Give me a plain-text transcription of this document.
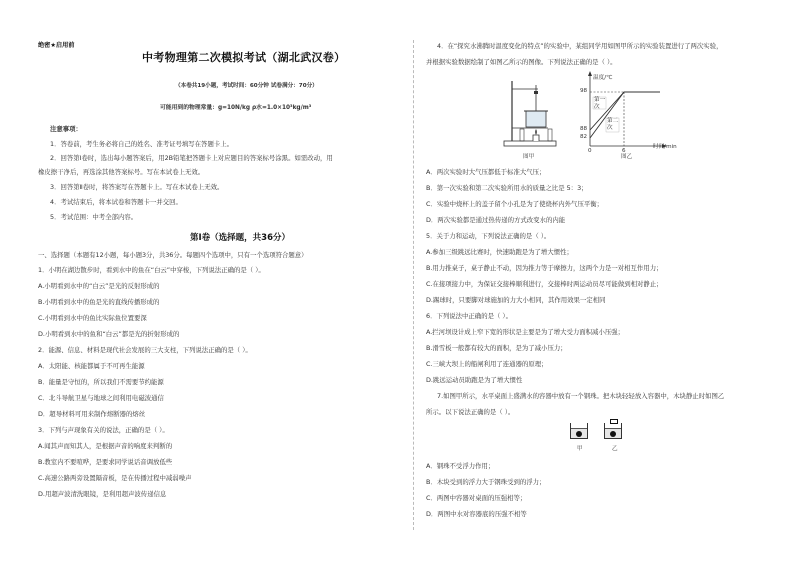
绝密★启用前
中考物理第二次模拟考试（湖北武汉卷）
（本卷共19小题，考试时间：60分钟 试卷满分：70分）
可能用到的物理常量：g=10N/kg ρ水=1.0×10³kg/m³
注意事项：
1．答卷前，考生务必将自己的姓名、准考证号填写在答题卡上。
2．回答第Ⅰ卷时，选出每小题答案后，用2B铅笔把答题卡上对应题目的答案标号涂黑。如需改动，用
橡皮擦干净后，再选涂其他答案标号。写在本试卷上无效。
3．回答第Ⅱ卷时，将答案写在答题卡上。写在本试卷上无效。
4．考试结束后，将本试卷和答题卡一并交回。
5．考试范围：中考全部内容。
第Ⅰ卷（选择题，共36分）
一、选择题（本题有12小题，每小题3分，共36分。每题四个选项中，只有一个选项符合题意）
1．小明在湖边散步时，看到水中的鱼在“白云”中穿梭，下列说法正确的是（ ）。
A.小明看到水中的“白云”是光的反射形成的
B.小明看到水中的鱼是光的直线传播形成的
C.小明看到水中的鱼比实际鱼位置要深
D.小明看到水中的鱼和“白云”都是光的折射形成的
2．能源、信息、材料是现代社会发展的三大支柱，下列说法正确的是（ ）。
A．太阳能、核能都属于不可再生能源
B．能量是守恒的，所以我们不需要节约能源
C．北斗导航卫星与地球之间利用电磁波通信
D．超导材料可用来制作熔断器的熔丝
3．下列与声现象有关的说法，正确的是（ ）。
A.闻其声而知其人，是根据声音的响度来判断的
B.教室内不要喧哗，是要求同学说话音调放低些
C.高速公路两旁设置隔音板，是在传播过程中减弱噪声
D.用超声波清洗眼镜，是利用超声波传递信息
4．在“探究水沸腾时温度变化的特点”的实验中，某组同学用如图甲所示的实验装置进行了两次实验，
并根据实验数据绘制了如图乙所示的图像。下列说法正确的是（ ）。
图甲
温度/℃
98
88
82
0	6
时间/min
第一次
第二次
图乙
A．两次实验时大气压都低于标准大气压；
B．第一次实验和第二次实验所用水的质量之比是 5：3；
C．实验中烧杯上的盖子留个小孔是为了使烧杯内外气压平衡；
D．两次实验都是通过热传递的方式改变水的内能
5．关于力和运动，下列说法正确的是（ ）。
A.参加三级跳远比赛时，快速助跑是为了增大惯性；
B.用力推桌子，桌子静止不动，因为推力等于摩擦力，这两个力是一对相互作用力；
C.在接项接力中，为保证交接棒顺利进行，交接棒时两运动员尽可能做到相对静止；
D.踢球时，只要脚对球施加的力大小相同，其作用效果一定相同
6．下列说法中正确的是（ ）。
A.拦河坝设计成上窄下宽的形状是主要是为了增大受力面积减小压强；
B.滑雪板一般都有较大的面积，是为了减小压力；
C.三峡大坝上的船闸利用了连通器的原理；
D.跳远运动员助跑是为了增大惯性
7.如图甲所示，水平桌面上盛满水的容器中放有一个钢珠。把木块轻轻放入容器中，木块静止时如图乙
所示。以下说法正确的是（ ）。
甲	乙
A．钢珠不受浮力作用；
B．木块受到的浮力大于钢珠受到的浮力；
C．两图中容器对桌面的压强相等；
D．两图中水对容器底的压强不相等
